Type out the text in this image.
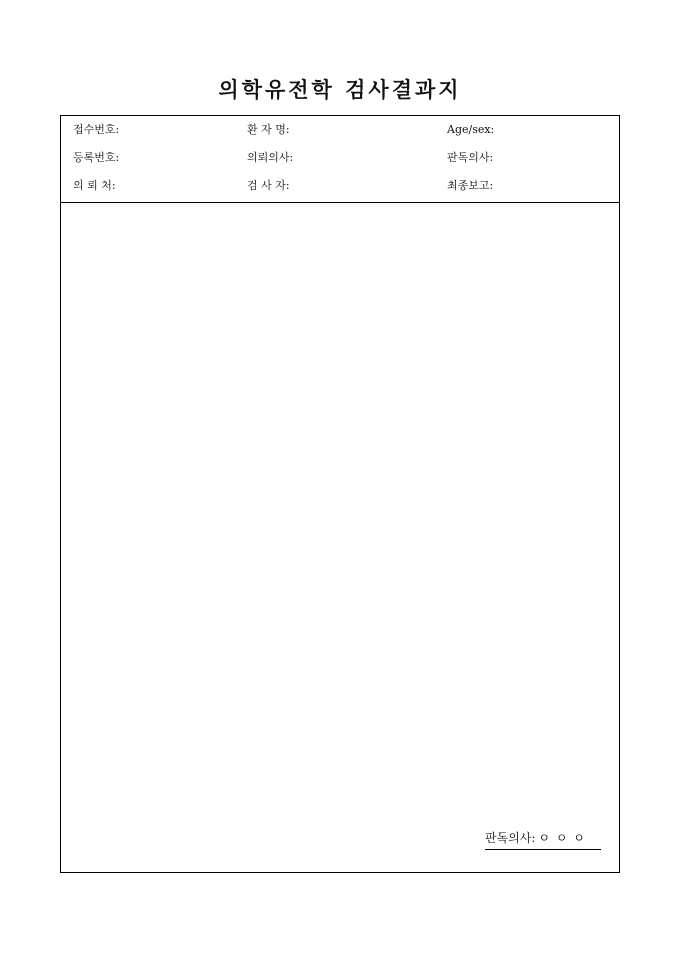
의학유전학 검사결과지
접수번호:	환 자 명:	Age/sex:
등록번호:	의뢰의사:	판독의사:
의 뢰 처:	검 사 자:	최종보고:
판독의사: ㅇ ㅇ ㅇ
